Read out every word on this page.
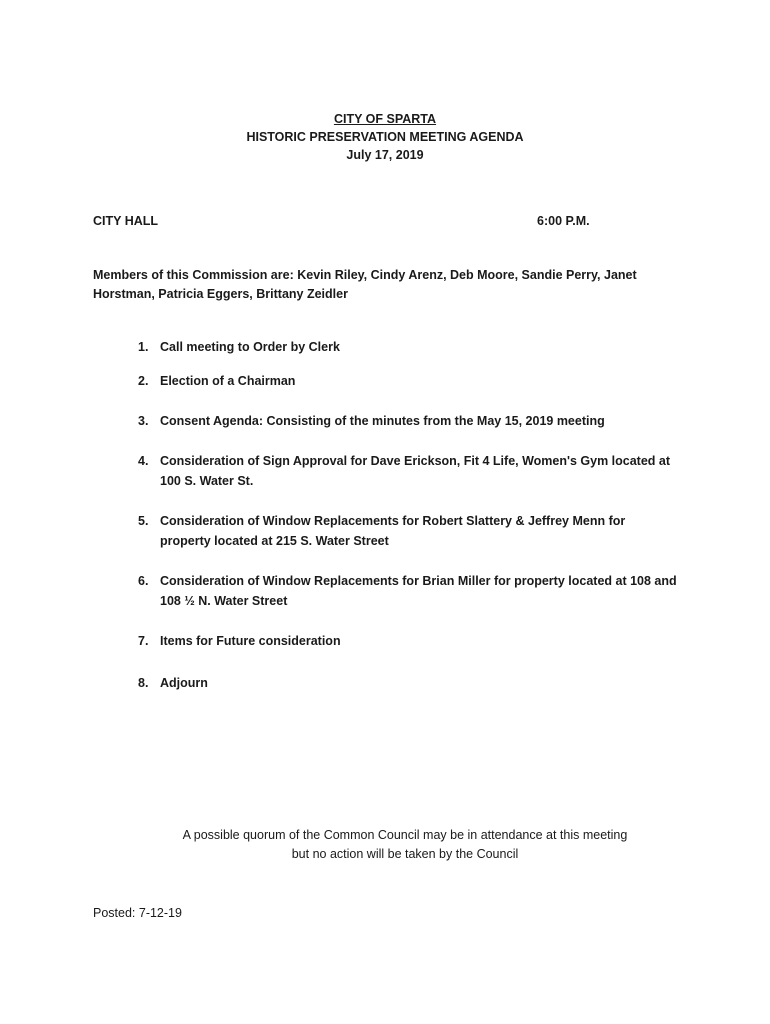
CITY OF SPARTA
HISTORIC PRESERVATION MEETING AGENDA
July 17, 2019
CITY HALL	6:00 P.M.
Members of this Commission are: Kevin Riley, Cindy Arenz, Deb Moore, Sandie Perry, Janet Horstman, Patricia Eggers, Brittany Zeidler
1. Call meeting to Order by Clerk
2. Election of a Chairman
3. Consent Agenda: Consisting of the minutes from the May 15, 2019 meeting
4. Consideration of Sign Approval for Dave Erickson, Fit 4 Life, Women's Gym located at 100 S. Water St.
5. Consideration of Window Replacements for Robert Slattery & Jeffrey Menn for property located at 215 S. Water Street
6. Consideration of Window Replacements for Brian Miller for property located at 108 and 108 ½ N. Water Street
7. Items for Future consideration
8. Adjourn
A possible quorum of the Common Council may be in attendance at this meeting
but no action will be taken by the Council
Posted: 7-12-19
